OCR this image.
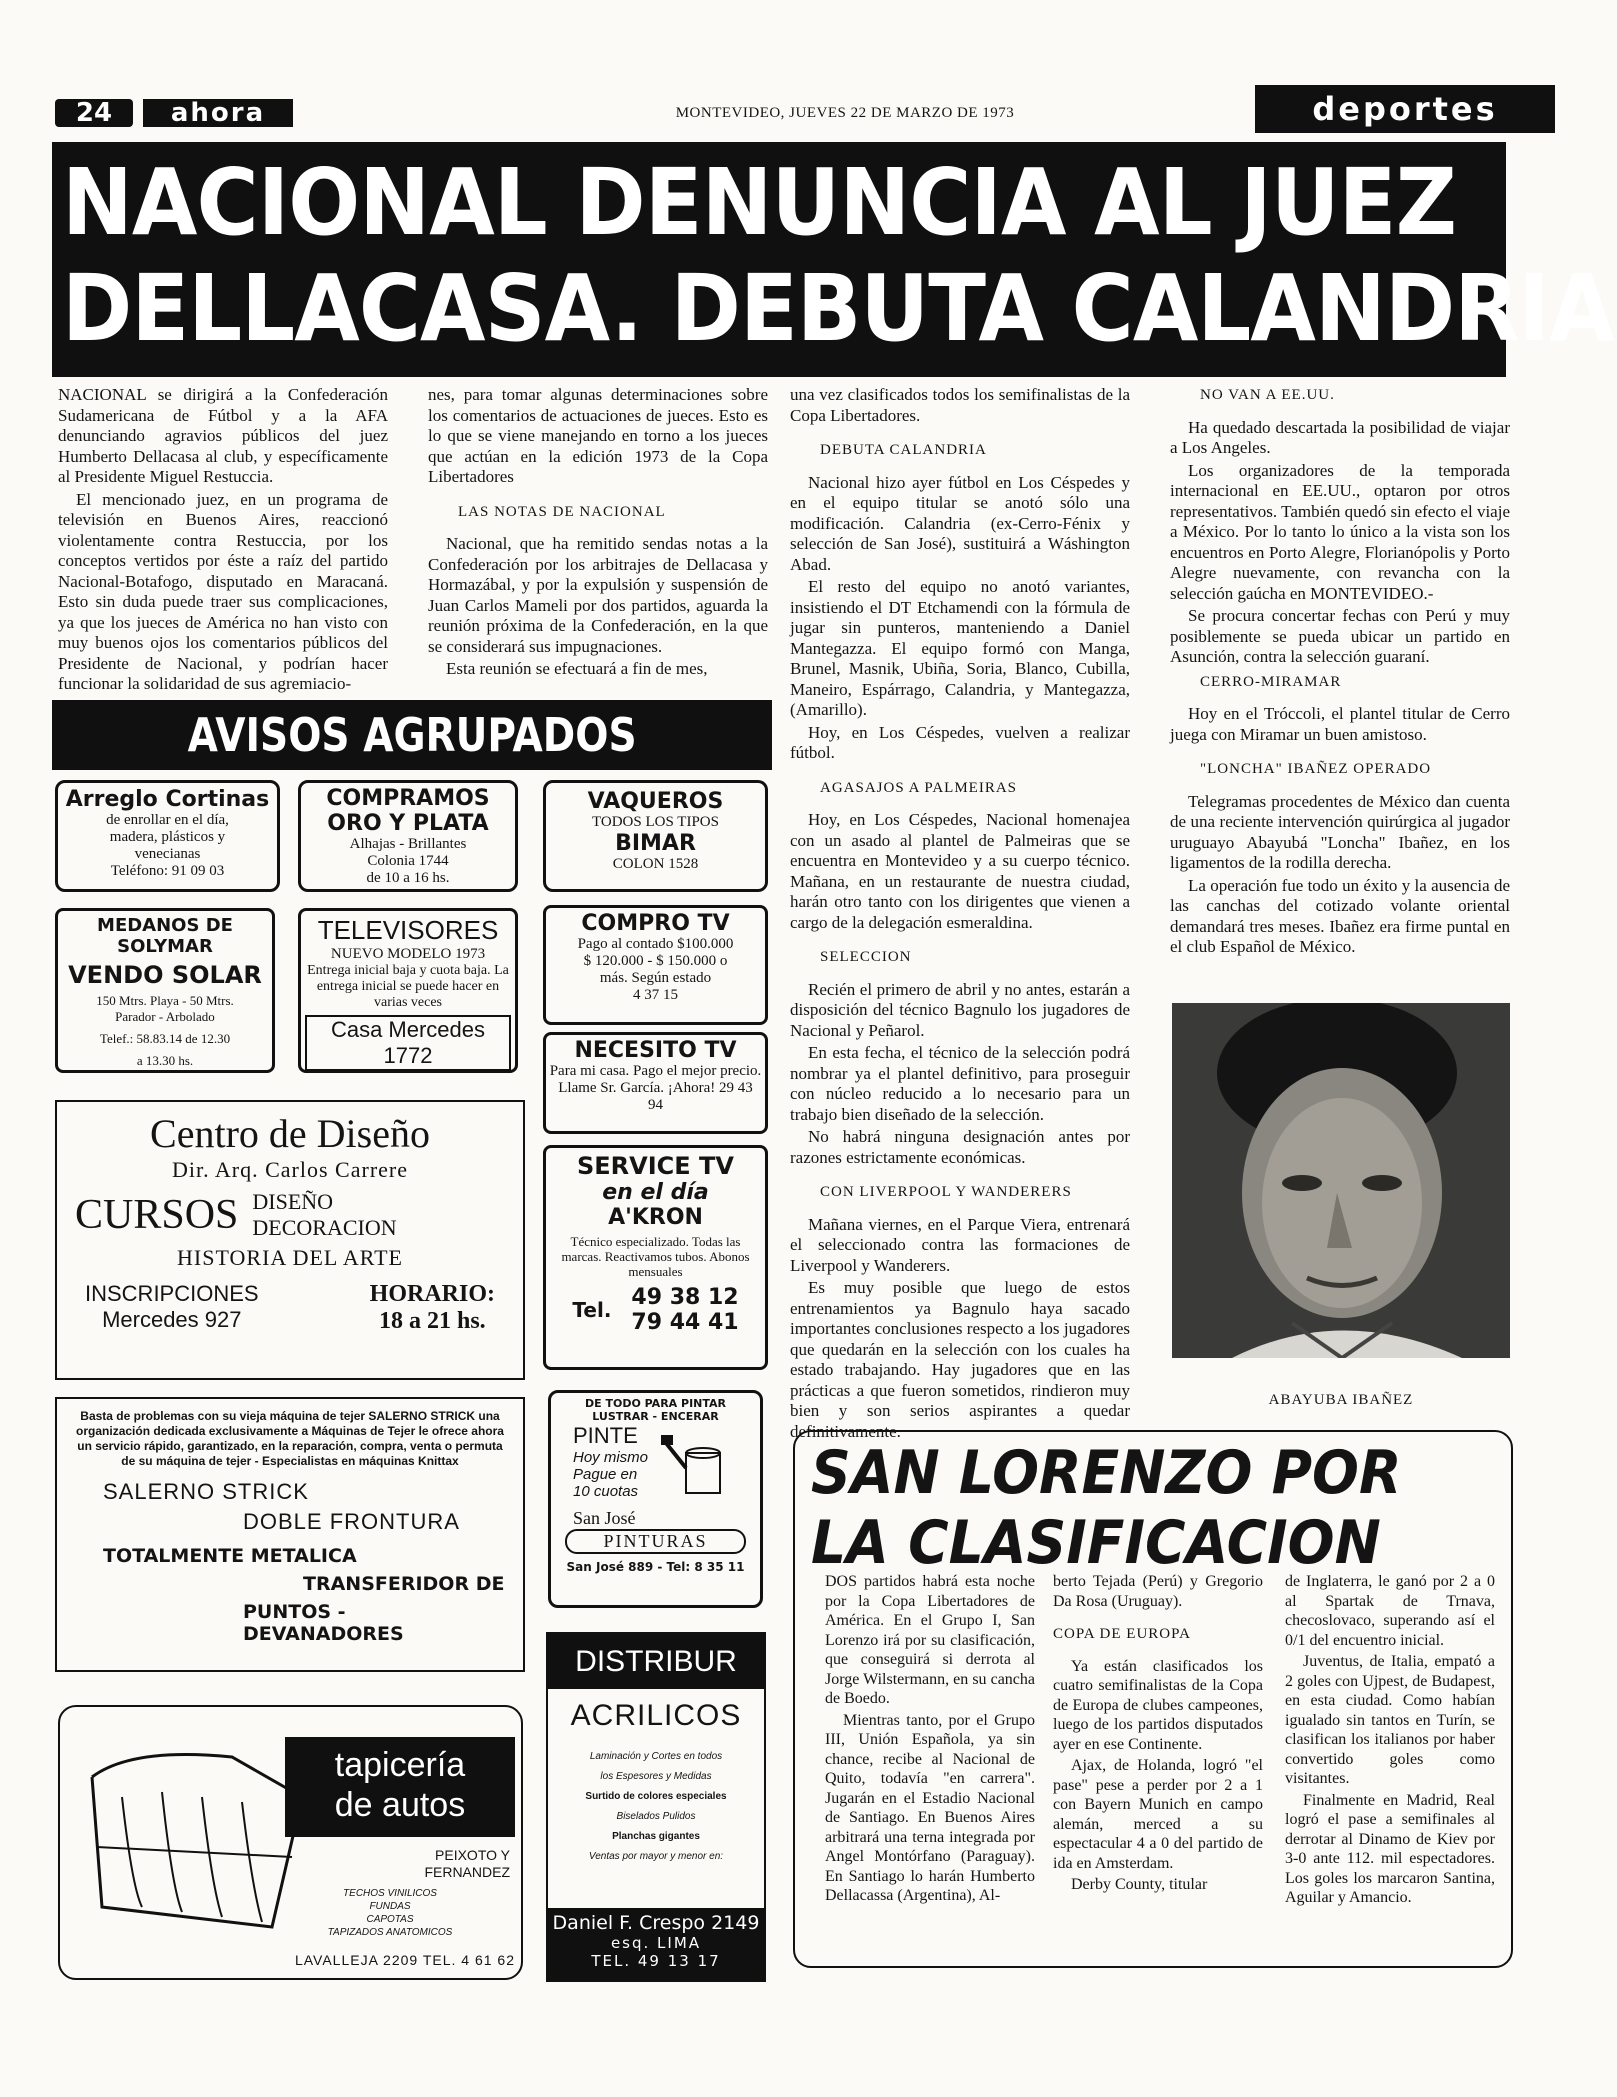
24	ahora	MONTEVIDEO, JUEVES 22 DE MARZO DE 1973	deportes
NACIONAL DENUNCIA AL JUEZ
DELLACASA. DEBUTA CALANDRIA

NACIONAL se dirigirá a la Confederación Sudamericana de Fútbol y a la AFA denunciando agravios públicos del juez Humberto Dellacasa al club, y específicamente al Presidente Miguel Restuccia.

El mencionado juez, en un programa de televisión en Buenos Aires, reaccionó violentamente contra Restuccia, por los conceptos vertidos por éste a raíz del partido Nacional-Botafogo, disputado en Maracaná. Esto sin duda puede traer sus complicaciones, ya que los jueces de América no han visto con muy buenos ojos los comentarios públicos del Presidente de Nacional, y podrían hacer funcionar la solidaridad de sus agremiacio-

nes, para tomar algunas determinaciones sobre los comentarios de actuaciones de jueces. Esto es lo que se viene manejando en torno a los jueces que actúan en la edición 1973 de la Copa Libertadores

LAS NOTAS DE NACIONAL

Nacional, que ha remitido sendas notas a la Confederación por los arbitrajes de Dellacasa y Hormazábal, y por la expulsión y suspensión de Juan Carlos Mameli por dos partidos, aguarda la reunión próxima de la Confederación, en la que se considerará sus impugnaciones.

Esta reunión se efectuará a fin de mes,

una vez clasificados todos los semifinalistas de la Copa Libertadores.

DEBUTA CALANDRIA

Nacional hizo ayer fútbol en Los Céspedes y en el equipo titular se anotó sólo una modificación. Calandria (ex-Cerro-Fénix y selección de San José), sustituirá a Wáshington Abad.

El resto del equipo no anotó variantes, insistiendo el DT Etchamendi con la fórmula de jugar sin punteros, manteniendo a Daniel Mantegazza. El equipo formó con Manga, Brunel, Masnik, Ubiña, Soria, Blanco, Cubilla, Maneiro, Espárrago, Calandria, y Mantegazza, (Amarillo).

Hoy, en Los Céspedes, vuelven a realizar fútbol.

AGASAJOS A PALMEIRAS

Hoy, en Los Céspedes, Nacional homenajea con un asado al plantel de Palmeiras que se encuentra en Montevideo y a su cuerpo técnico. Mañana, en un restaurante de nuestra ciudad, harán otro tanto con los dirigentes que vienen a cargo de la delegación esmeraldina.

SELECCION

Recién el primero de abril y no antes, estarán a disposición del técnico Bagnulo los jugadores de Nacional y Peñarol.

En esta fecha, el técnico de la selección podrá nombrar ya el plantel definitivo, para proseguir con núcleo reducido a lo necesario para un trabajo bien diseñado de la selección.

No habrá ninguna designación antes por razones estrictamente económicas.

CON LIVERPOOL Y WANDERERS

Mañana viernes, en el Parque Viera, entrenará el seleccionado contra las formaciones de Liverpool y Wanderers.

Es muy posible que luego de estos entrenamientos ya Bagnulo haya sacado importantes conclusiones respecto a los jugadores que quedarán en la selección con los cuales ha estado trabajando. Hay jugadores que en las prácticas a que fueron sometidos, rindieron muy bien y son serios aspirantes a quedar definitivamente.

NO VAN A EE.UU.

Ha quedado descartada la posibilidad de viajar a Los Angeles.

Los organizadores de la temporada internacional en EE.UU., optaron por otros representativos. También quedó sin efecto el viaje a México. Por lo tanto lo único a la vista son los encuentros en Porto Alegre, Florianópolis y Porto Alegre nuevamente, con revancha con la selección gaúcha en MONTEVIDEO.-

Se procura concertar fechas con Perú y muy posiblemente se pueda ubicar un partido en Asunción, contra la selección guaraní.

CERRO-MIRAMAR

Hoy en el Tróccoli, el plantel titular de Cerro juega con Miramar un buen amistoso.

"LONCHA" IBAÑEZ OPERADO

Telegramas procedentes de México dan cuenta de una reciente intervención quirúrgica al jugador uruguayo Abayubá "Loncha" Ibañez, en los ligamentos de la rodilla derecha.

La operación fue todo un éxito y la ausencia de las canchas del cotizado volante oriental demandará tres meses. Ibañez era firme puntal en el club Español de México.

ABAYUBA IBAÑEZ
AVISOS AGRUPADOS
Arreglo Cortinas
de enrollar en el día,
madera, plásticos y
venecianas
Teléfono: 91 09 03
COMPRAMOS
ORO Y PLATA
Alhajas - Brillantes
Colonia 1744
de 10 a 16 hs.
VAQUEROS
TODOS LOS TIPOS
BIMAR
COLON 1528
MEDANOS DE SOLYMAR
VENDO SOLAR
150 Mtrs. Playa - 50 Mtrs.
Parador - Arbolado
Telef.: 58.83.14 de 12.30
a 13.30 hs.
TELEVISORES
NUEVO MODELO 1973
Entrega inicial baja y cuota baja. La entrega inicial se puede hacer en varias veces
Casa Mercedes 1772
COMPRO TV
Pago al contado $100.000
$ 120.000 - $ 150.000 o
más. Según estado
4 37 15
NECESITO TV
Para mi casa. Pago el mejor precio. Llame Sr. García. ¡Ahora! 29 43 94
Centro de Diseño
Dir. Arq. Carlos Carrere
CURSOS DISEÑO
DECORACION
HISTORIA DEL ARTE
INSCRIPCIONES
Mercedes 927
HORARIO:
18 a 21 hs.
SERVICE TV
en el día
A'KRON
Técnico especializado. Todas las marcas. Reactivamos tubos. Abonos mensuales
Tel. 49 38 12
79 44 41
Basta de problemas con su vieja máquina de tejer SALERNO STRICK una organización dedicada exclusivamente a Máquinas de Tejer le ofrece ahora un servicio rápido, garantizado, en la reparación, compra, venta o permuta de su máquina de tejer - Especialistas en máquinas Knittax
SALERNO STRICK
DOBLE FRONTURA
TOTALMENTE METALICA
TRANSFERIDOR DE
PUNTOS - DEVANADORES
DE TODO PARA PINTAR LUSTRAR - ENCERAR
PINTE
Hoy mismo
Pague en
10 cuotas
San José
PINTURAS
San José 889 - Tel: 8 35 11
tapicería
de autos
PEIXOTO Y
FERNANDEZ
TECHOS VINILICOS
FUNDAS
CAPOTAS
TAPIZADOS ANATOMICOS
LAVALLEJA 2209 TEL. 4 61 62
DISTRIBUR
ACRILICOS
Laminación y Cortes en todos
los Espesores y Medidas
Surtido de colores especiales
Biselados Pulidos
Planchas gigantes
Ventas por mayor y menor en:
Daniel F. Crespo 2149
esq. LIMA
TEL. 49 13 17
SAN LORENZO POR
LA CLASIFICACION

DOS partidos habrá esta noche por la Copa Libertadores de América. En el Grupo I, San Lorenzo irá por su clasificación, que conseguirá si derrota al Jorge Wilstermann, en su cancha de Boedo.

Mientras tanto, por el Grupo III, Unión Española, ya sin chance, recibe al Nacional de Quito, todavía "en carrera". Jugarán en el Estadio Nacional de Santiago. En Buenos Aires arbitrará una terna integrada por Angel Montórfano (Paraguay). En Santiago lo harán Humberto Dellacassa (Argentina), Al-

berto Tejada (Perú) y Gregorio Da Rosa (Uruguay).

COPA DE EUROPA

Ya están clasificados los cuatro semifinalistas de la Copa de Europa de clubes campeones, luego de los partidos disputados ayer en ese Continente.

Ajax, de Holanda, logró "el pase" pese a perder por 2 a 1 con Bayern Munich en campo alemán, merced a su espectacular 4 a 0 del partido de ida en Amsterdam.

Derby County, titular

de Inglaterra, le ganó por 2 a 0 al Spartak de Trnava, checoslovaco, superando así el 0/1 del encuentro inicial.

Juventus, de Italia, empató a 2 goles con Ujpest, de Budapest, en esta ciudad. Como habían igualado sin tantos en Turín, se clasifican los italianos por haber convertido goles como visitantes.

Finalmente en Madrid, Real logró el pase a semifinales al derrotar al Dinamo de Kiev por 3-0 ante 112. mil espectadores. Los goles los marcaron Santina, Aguilar y Amancio.
